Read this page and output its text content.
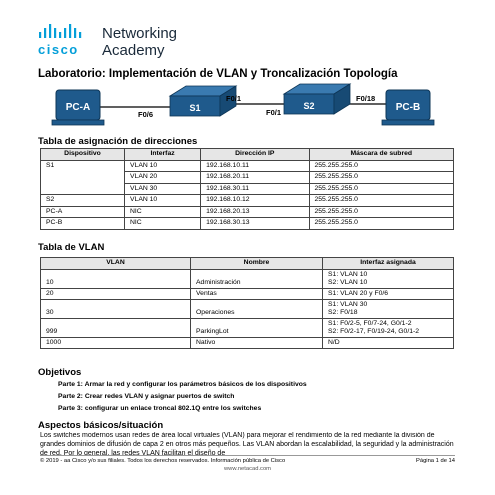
cisco
Networking
Academy
Laboratorio: Implementación de VLAN y Troncalización Topología
PC-A	S1	S2	PC-B
F0/6
F0/1
F0/1
F0/18
Tabla de asignación de direcciones
Dispositivo	Interfaz	Dirección IP	Máscara de subred
S1	VLAN 10	192.168.10.11	255.255.255.0
	VLAN 20	192.168.20.11	255.255.255.0
	VLAN 30	192.168.30.11	255.255.255.0
S2	VLAN 10	192.168.10.12	255.255.255.0
PC-A	NIC	192.168.20.13	255.255.255.0
PC-B	NIC	192.168.30.13	255.255.255.0
Tabla de VLAN
VLAN	Nombre	Interfaz asignada
10	Administración	S1: VLAN 10
S2: VLAN 10

20	Ventas	S1: VLAN 20 y F0/6
30	Operaciones	S1: VLAN 30
S2: F0/18

999	ParkingLot	S1: F0/2-5, F0/7-24, G0/1-2
S2: F0/2-17, F0/19-24, G0/1-2

1000	Nativo	N/D
Objetivos
Parte 1: Armar la red y configurar los parámetros básicos de los dispositivos
Parte 2: Crear redes VLAN y asignar puertos de switch
Parte 3: configurar un enlace troncal 802.1Q entre los switches
Aspectos básicos/situación
Los switches modernos usan redes de área local virtuales (VLAN) para mejorar el rendimiento de la red mediante la división de grandes dominios de difusión de capa 2 en otros más pequeños. Las VLAN abordan la escalabilidad, la seguridad y la administración de red. Por lo general, las redes VLAN facilitan el diseño de
© 2019 - aa Cisco y/o sus filiales. Todos los derechos reservados. Información pública de Cisco	Página 1 de 14
www.netacad.com
